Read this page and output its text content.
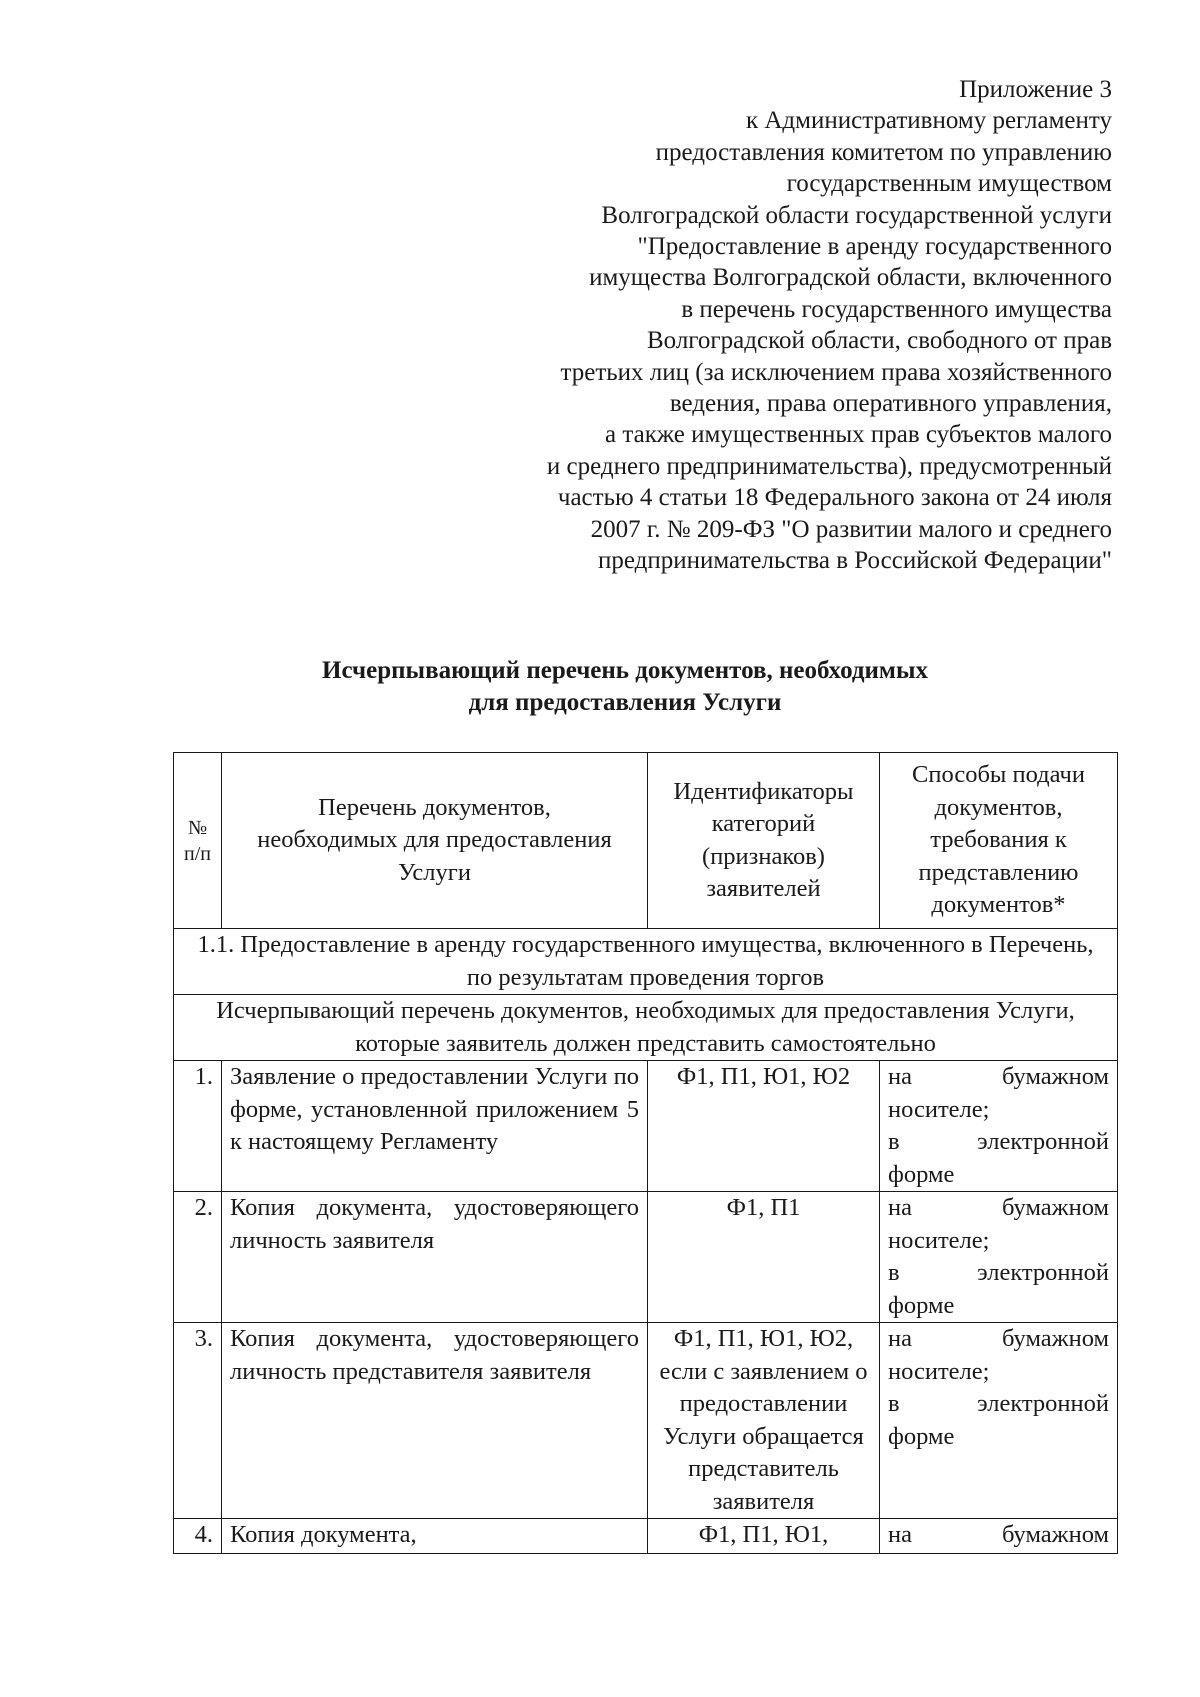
Приложение 3
к Административному регламенту
предоставления комитетом по управлению
государственным имуществом
Волгоградской области государственной услуги
"Предоставление в аренду государственного
имущества Волгоградской области, включенного
в перечень государственного имущества
Волгоградской области, свободного от прав
третьих лиц (за исключением права хозяйственного
ведения, права оперативного управления,
а также имущественных прав субъектов малого
и среднего предпринимательства), предусмотренный
частью 4 статьи 18 Федерального закона от 24 июля
2007 г. № 209-ФЗ "О развитии малого и среднего
предпринимательства в Российской Федерации"
Исчерпывающий перечень документов, необходимых
для предоставления Услуги
№ п/п	Перечень документов, необходимых для предоставления Услуги	Идентификаторы категорий (признаков) заявителей	Способы подачи документов, требования к представлению документов*
1.1. Предоставление в аренду государственного имущества, включенного в Перечень, по результатам проведения торгов			
Исчерпывающий перечень документов, необходимых для предоставления Услуги, которые заявитель должен представить самостоятельно			
1.	Заявление о предоставлении Услуги по форме, установленной приложением 5 к настоящему Регламенту	Ф1, П1, Ю1, Ю2	на бумажном носителе;
в электронной форме

2.	Копия документа, удостоверяющего личность заявителя	Ф1, П1	на бумажном носителе;
в электронной форме

3.	Копия документа, удостоверяющего личность представителя заявителя	Ф1, П1, Ю1, Ю2, если с заявлением о предоставлении Услуги обращается представитель заявителя	на бумажном носителе;
в электронной форме

4.	Копия документа,	Ф1, П1, Ю1,	на бумажном
